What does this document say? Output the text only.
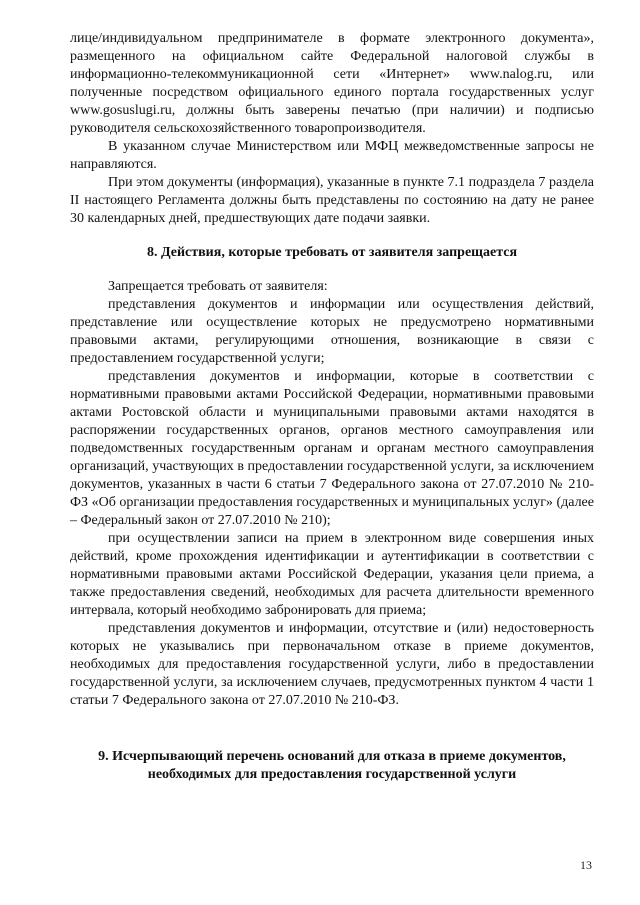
лице/индивидуальном предпринимателе в формате электронного документа», размещенного на официальном сайте Федеральной налоговой службы в информационно-телекоммуникационной сети «Интернет» www.nalog.ru, или полученные посредством официального единого портала государственных услуг www.gosuslugi.ru, должны быть заверены печатью (при наличии) и подписью руководителя сельскохозяйственного товаропроизводителя.

В указанном случае Министерством или МФЦ межведомственные запросы не направляются.

При этом документы (информация), указанные в пункте 7.1 подраздела 7 раздела II настоящего Регламента должны быть представлены по состоянию на дату не ранее 30 календарных дней, предшествующих дате подачи заявки.

8. Действия, которые требовать от заявителя запрещается

Запрещается требовать от заявителя:

представления документов и информации или осуществления действий, представление или осуществление которых не предусмотрено нормативными правовыми актами, регулирующими отношения, возникающие в связи с предоставлением государственной услуги;

представления документов и информации, которые в соответствии с нормативными правовыми актами Российской Федерации, нормативными правовыми актами Ростовской области и муниципальными правовыми актами находятся в распоряжении государственных органов, органов местного самоуправления или подведомственных государственным органам и органам местного самоуправления организаций, участвующих в предоставлении государственной услуги, за исключением документов, указанных в части 6 статьи 7 Федерального закона от 27.07.2010 № 210-ФЗ «Об организации предоставления государственных и муниципальных услуг» (далее – Федеральный закон от 27.07.2010 № 210);

при осуществлении записи на прием в электронном виде совершения иных действий, кроме прохождения идентификации и аутентификации в соответствии с нормативными правовыми актами Российской Федерации, указания цели приема, а также предоставления сведений, необходимых для расчета длительности временного интервала, который необходимо забронировать для приема;

представления документов и информации, отсутствие и (или) недостоверность которых не указывались при первоначальном отказе в приеме документов, необходимых для предоставления государственной услуги, либо в предоставлении государственной услуги, за исключением случаев, предусмотренных пунктом 4 части 1 статьи 7 Федерального закона от 27.07.2010 № 210-ФЗ.

9. Исчерпывающий перечень оснований для отказа в приеме документов,
необходимых для предоставления государственной услуги
13
